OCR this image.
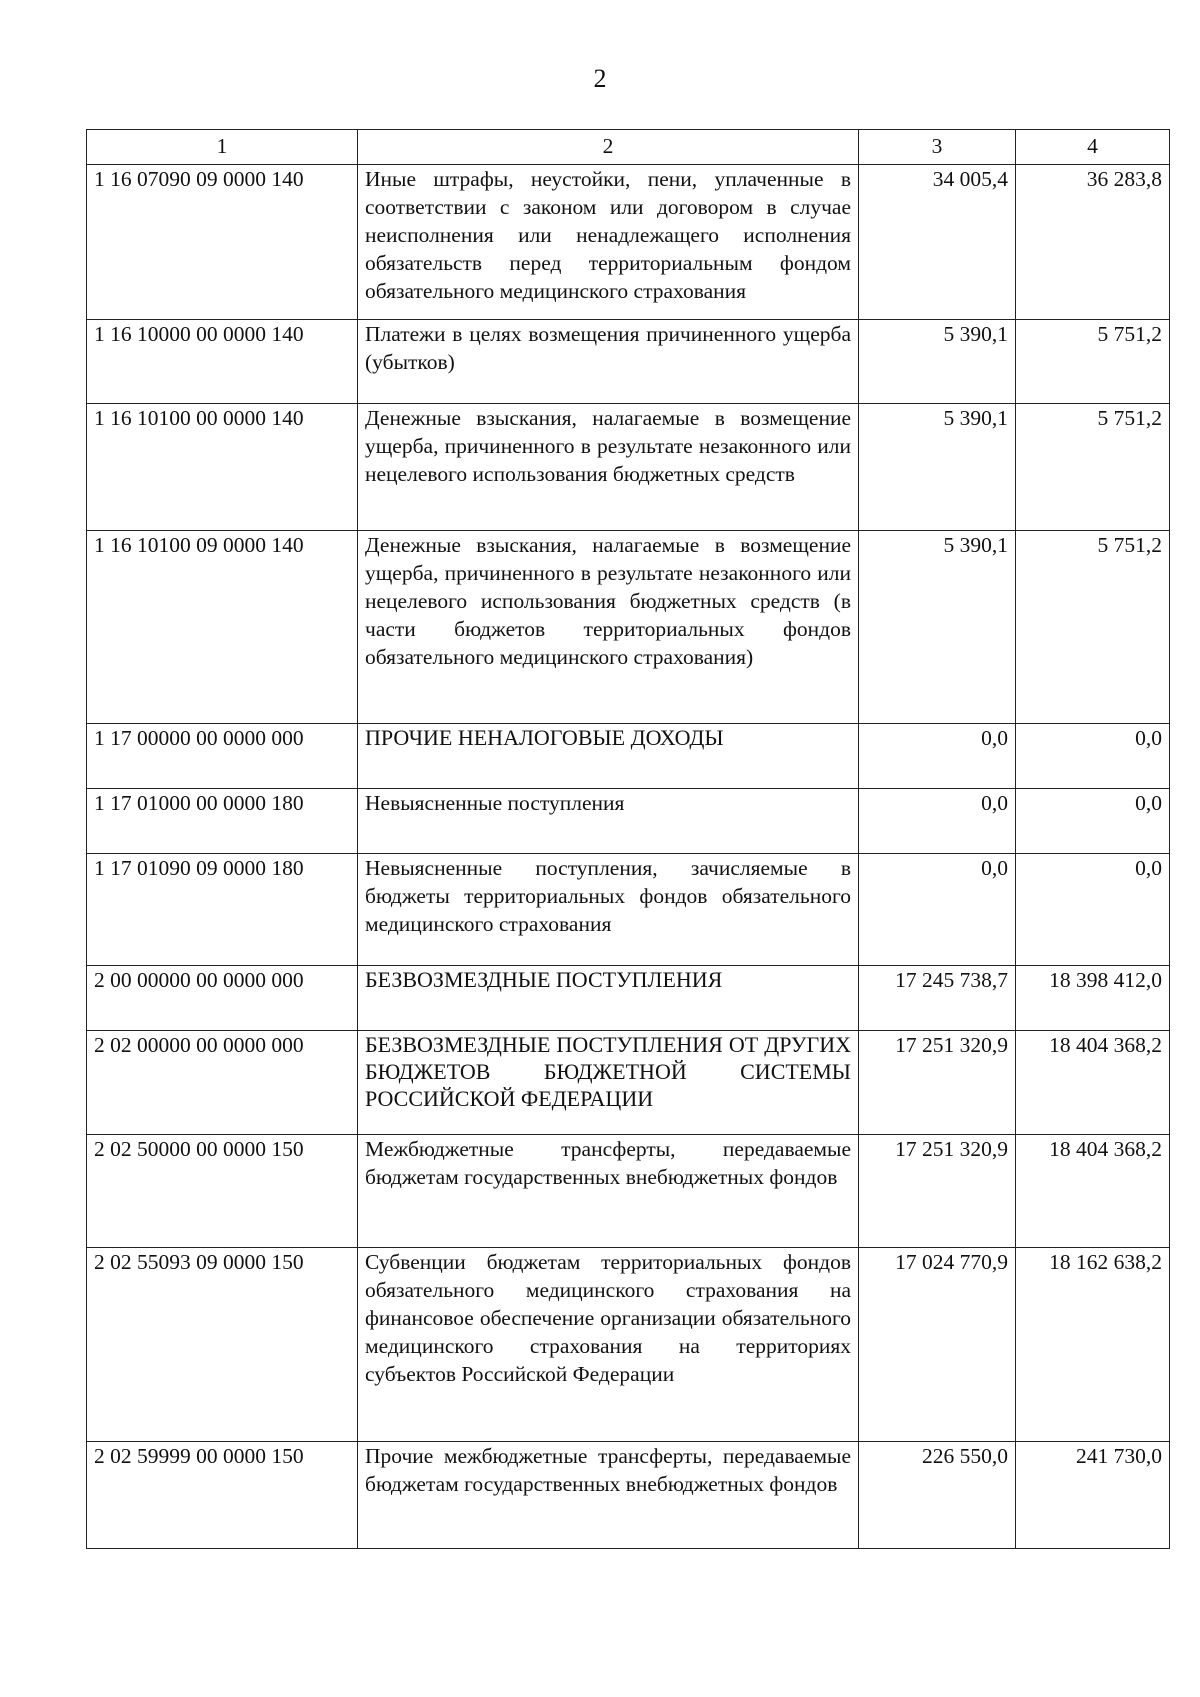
2
1	2	3	4
1 16 07090 09 0000 140	Иные штрафы, неустойки, пени, уплаченные в соответствии с законом или договором в случае неисполнения или ненадлежащего исполнения обязательств перед территориальным фондом обязательного медицинского страхования	34 005,4	36 283,8
1 16 10000 00 0000 140	Платежи в целях возмещения причиненного ущерба (убытков)	5 390,1	5 751,2
1 16 10100 00 0000 140	Денежные взыскания, налагаемые в возмещение ущерба, причиненного в результате незаконного или нецелевого использования бюджетных средств	5 390,1	5 751,2
1 16 10100 09 0000 140	Денежные взыскания, налагаемые в возмещение ущерба, причиненного в результате незаконного или нецелевого использования бюджетных средств (в части бюджетов территориальных фондов обязательного медицинского страхования)	5 390,1	5 751,2
1 17 00000 00 0000 000	ПРОЧИЕ НЕНАЛОГОВЫЕ ДОХОДЫ	0,0	0,0
1 17 01000 00 0000 180	Невыясненные поступления	0,0	0,0
1 17 01090 09 0000 180	Невыясненные поступления, зачисляемые в бюджеты территориальных фондов обязательного медицинского страхования	0,0	0,0
2 00 00000 00 0000 000	БЕЗВОЗМЕЗДНЫЕ ПОСТУПЛЕНИЯ	17 245 738,7	18 398 412,0
2 02 00000 00 0000 000	БЕЗВОЗМЕЗДНЫЕ ПОСТУПЛЕНИЯ ОТ ДРУГИХ БЮДЖЕТОВ БЮДЖЕТНОЙ СИСТЕМЫ РОССИЙСКОЙ ФЕДЕРАЦИИ	17 251 320,9	18 404 368,2
2 02 50000 00 0000 150	Межбюджетные трансферты, передаваемые бюджетам государственных внебюджетных фондов	17 251 320,9	18 404 368,2
2 02 55093 09 0000 150	Субвенции бюджетам территориальных фондов обязательного медицинского страхования на финансовое обеспечение организации обязательного медицинского страхования на территориях субъектов Российской Федерации	17 024 770,9	18 162 638,2
2 02 59999 00 0000 150	Прочие межбюджетные трансферты, передаваемые бюджетам государственных внебюджетных фондов	226 550,0	241 730,0
